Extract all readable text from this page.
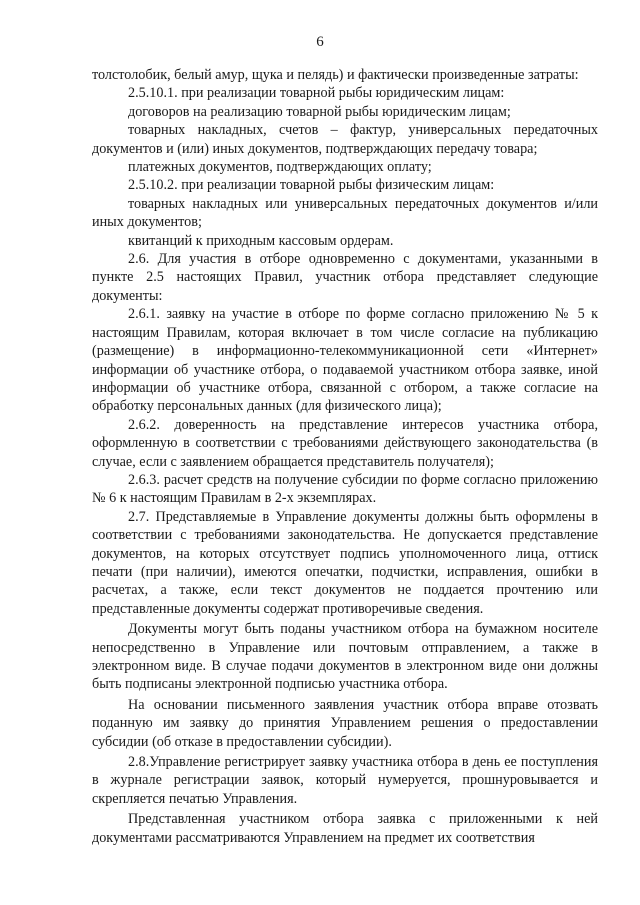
6

толстолобик, белый амур, щука и пелядь) и фактически произведенные затраты:

2.5.10.1. при реализации товарной рыбы юридическим лицам:

договоров на реализацию товарной рыбы юридическим лицам;

товарных накладных, счетов – фактур, универсальных передаточных документов и (или) иных документов, подтверждающих передачу товара;

платежных документов, подтверждающих оплату;

2.5.10.2. при реализации товарной рыбы физическим лицам:

товарных накладных или универсальных передаточных документов и/или иных документов;

квитанций к приходным кассовым ордерам.

2.6. Для участия в отборе одновременно с документами, указанными в пункте 2.5 настоящих Правил, участник отбора представляет следующие документы:

2.6.1. заявку на участие в отборе по форме согласно приложению № 5 к настоящим Правилам, которая включает в том числе согласие на публикацию (размещение) в информационно-телекоммуникационной сети «Интернет» информации об участнике отбора, о подаваемой участником отбора заявке, иной информации об участнике отбора, связанной с отбором, а также согласие на обработку персональных данных (для физического лица);

2.6.2. доверенность на представление интересов участника отбора, оформленную в соответствии с требованиями действующего законодательства (в случае, если с заявлением обращается представитель получателя);

2.6.3. расчет средств на получение субсидии по форме согласно приложению № 6 к настоящим Правилам в 2-х экземплярах.

2.7. Представляемые в Управление документы должны быть оформлены в соответствии с требованиями законодательства. Не допускается представление документов, на которых отсутствует подпись уполномоченного лица, оттиск печати (при наличии), имеются опечатки, подчистки, исправления, ошибки в расчетах, а также, если текст документов не поддается прочтению или представленные документы содержат противоречивые сведения.

Документы могут быть поданы участником отбора на бумажном носителе непосредственно в Управление или почтовым отправлением, а также в электронном виде. В случае подачи документов в электронном виде они должны быть подписаны электронной подписью участника отбора.

На основании письменного заявления участник отбора вправе отозвать поданную им заявку до принятия Управлением решения о предоставлении субсидии (об отказе в предоставлении субсидии).

2.8.Управление регистрирует заявку участника отбора в день ее поступления в журнале регистрации заявок, который нумеруется, прошнуровывается и скрепляется печатью Управления.

Представленная участником отбора заявка с приложенными к ней документами рассматриваются Управлением на предмет их соответствия
